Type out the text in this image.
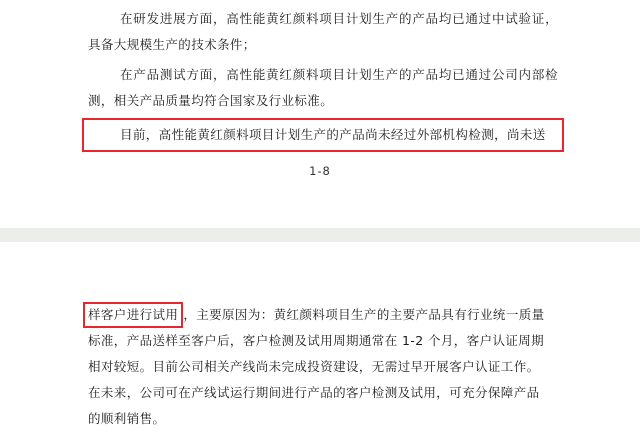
在研发进展方面，高性能黄红颜料项目计划生产的产品均已通过中试验证，具备大规模生产的技术条件；
在产品测试方面，高性能黄红颜料项目计划生产的产品均已通过公司内部检测，相关产品质量均符合国家及行业标准。
目前，高性能黄红颜料项目计划生产的产品尚未经过外部机构检测，尚未送
1-8
样客户进行试用 ，主要原因为：黄红颜料项目生产的主要产品具有行业统一质量
标准，产品送样至客户后，客户检测及试用周期通常在 1-2 个月，客户认证周期
相对较短。目前公司相关产线尚未完成投资建设，无需过早开展客户认证工作。
在未来，公司可在产线试运行期间进行产品的客户检测及试用，可充分保障产品
的顺利销售。
